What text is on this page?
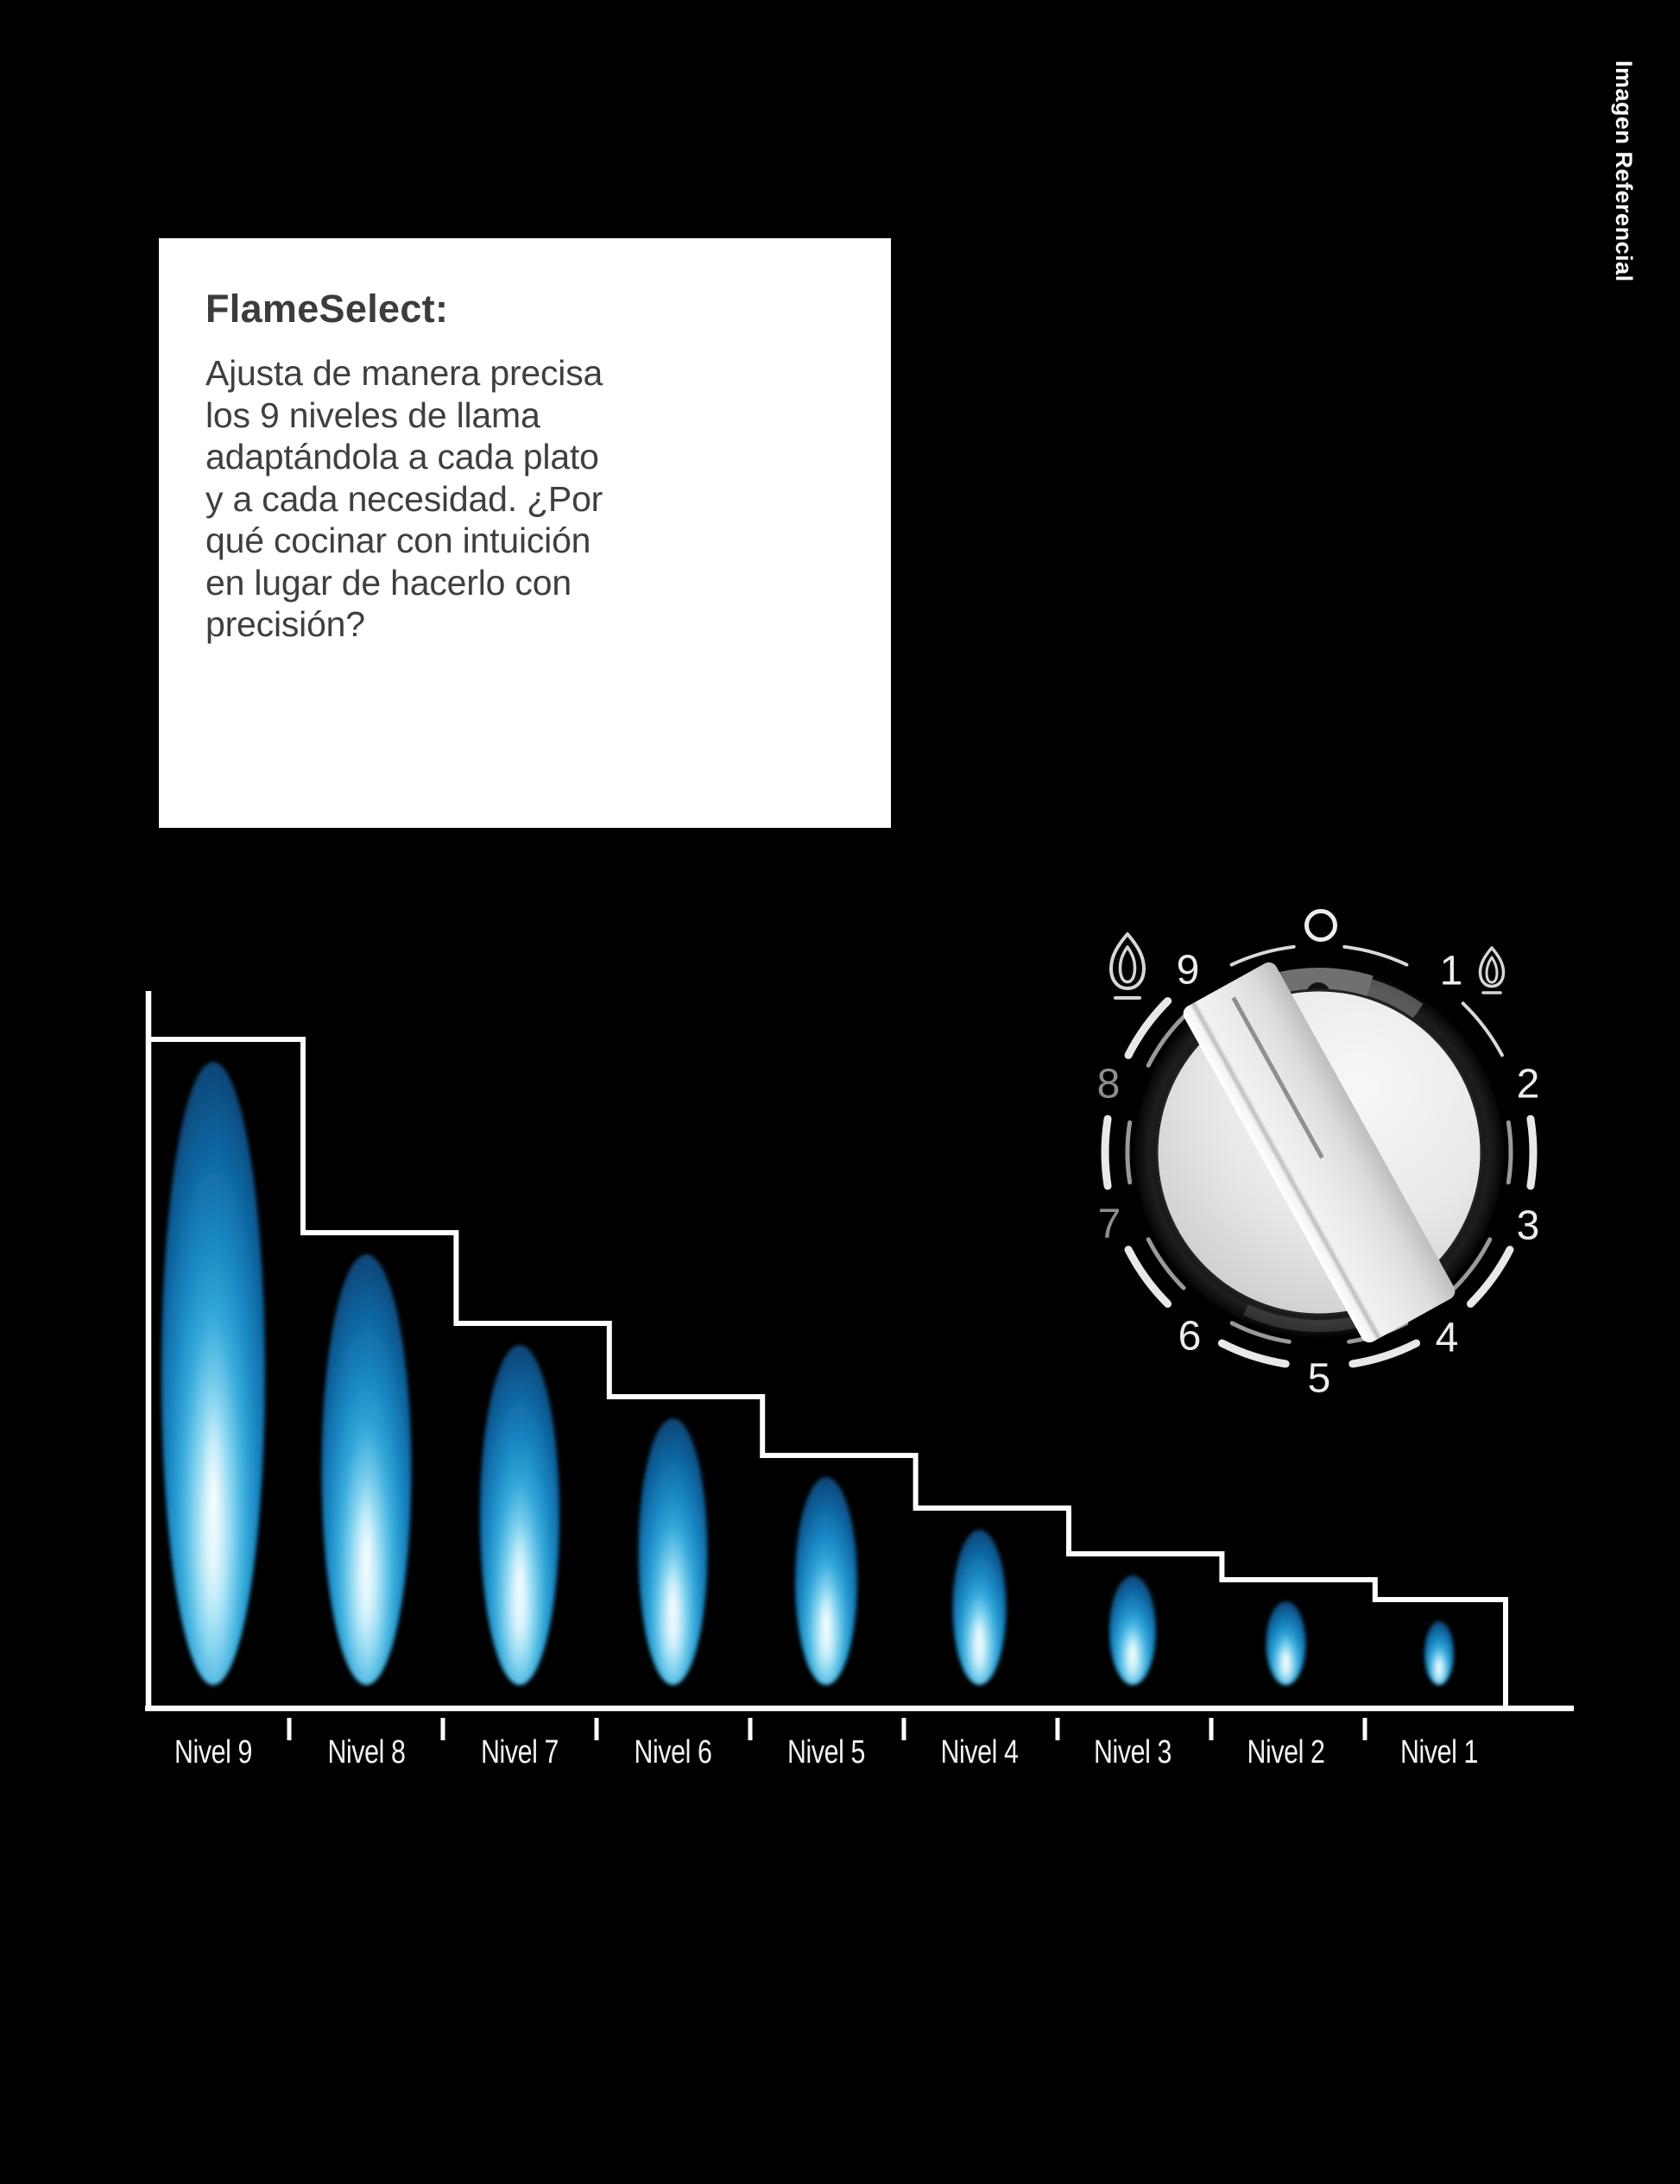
Imagen Referencial
FlameSelect:
Ajusta de manera precisa
los 9 niveles de llama
adaptándola a cada plato
y a cada necesidad. ¿Por
qué cocinar con intuición
en lugar de hacerlo con
precisión?
1
2
3
4
5
6
7
8
9
Nivel 9 Nivel 8 Nivel 7 Nivel 6 Nivel 5 Nivel 4 Nivel 3 Nivel 2 Nivel 1
